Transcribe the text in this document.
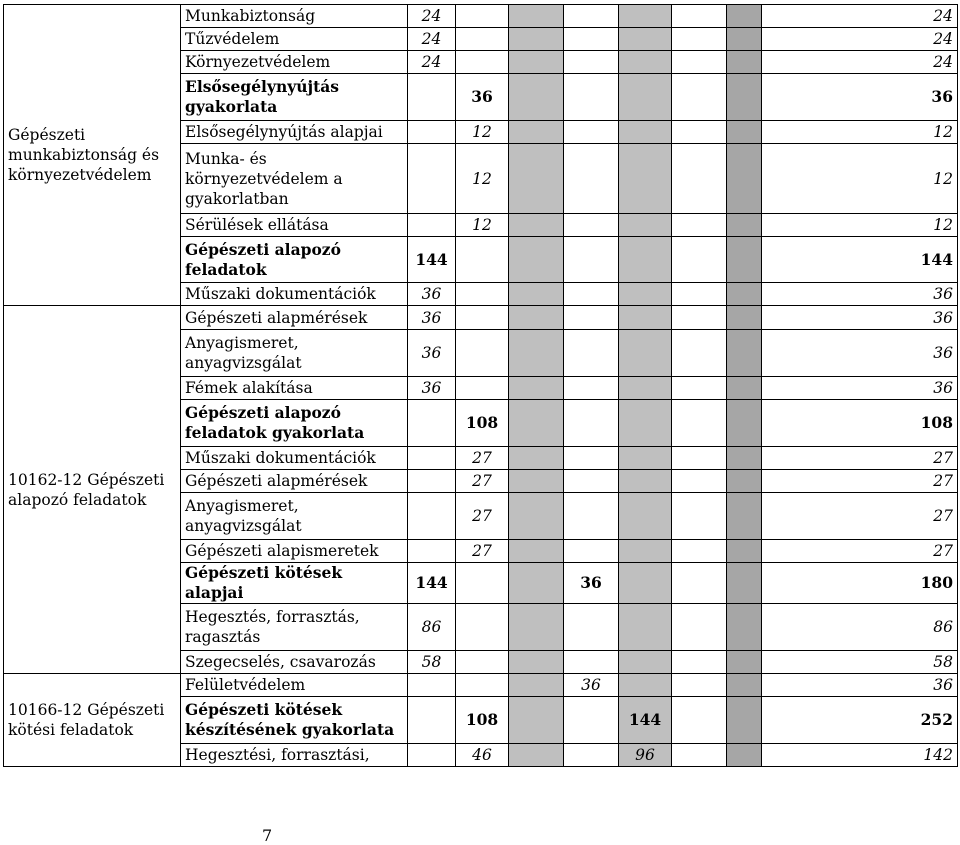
Gépészeti munkabiztonság és környezetvédelem	Munkabiztonság	24							24
	Tűzvédelem	24							24
	Környezetvédelem	24							24
	Elsősegélynyújtás gyakorlata		36						36
	Elsősegélynyújtás alapjai		12						12
	Munka- és környezetvédelem a gyakorlatban		12						12
	Sérülések ellátása		12						12
	Gépészeti alapozó feladatok	144							144
	Műszaki dokumentációk	36							36
10162-12 Gépészeti alapozó feladatok	Gépészeti alapmérések	36							36
	Anyagismeret, anyagvizsgálat	36							36
	Fémek alakítása	36							36
	Gépészeti alapozó feladatok gyakorlata		108						108
	Műszaki dokumentációk		27						27
	Gépészeti alapmérések		27						27
	Anyagismeret, anyagvizsgálat		27						27
	Gépészeti alapismeretek		27						27
	Gépészeti kötések alapjai	144			36				180
	Hegesztés, forrasztás, ragasztás	86							86
	Szegecselés, csavarozás	58							58
10166-12 Gépészeti kötési feladatok	Felületvédelem				36				36
	Gépészeti kötések készítésének gyakorlata		108			144			252
	Hegesztési, forrasztási,		46			96			142
7
